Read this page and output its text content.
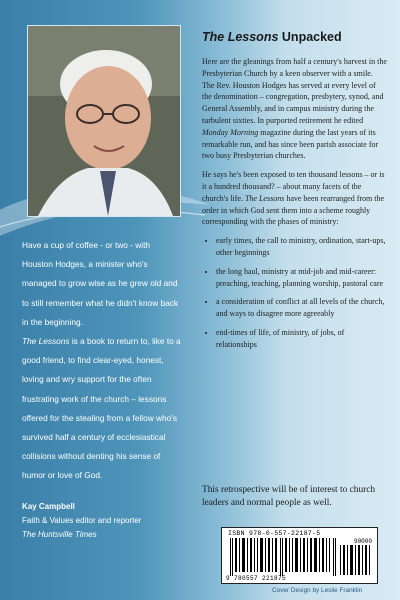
Have a cup of coffee - or two - with Houston Hodges, a minister who's managed to grow wise as he grew old and to still remember what he didn't know back in the beginning.

The Lessons is a book to return to, like to a good friend, to find clear-eyed, honest, loving and wry support for the often frustrating work of the church – lessons offered for the stealing from a fellow who's survived half a century of ecclesiastical collisions without denting his sense of humor or love of God.

Kay Campbell
Faith & Values editor and reporter
The Huntsville Times
The Lessons Unpacked

Here are the gleanings from half a century's harvest in the Presbyterian Church by a keen observer with a smile. The Rev. Houston Hodges has served at every level of the denomination – congregation, presbytery, synod, and General Assembly, and in campus ministry during the turbulent sixties. In purported retirement he edited Monday Morning magazine during the last years of its remarkable run, and has since been parish associate for two busy Presbyterian churches.

He says he's been exposed to ten thousand lessons – or is it a hundred thousand? – about many facets of the church's life. The Lessons have been rearranged from the order in which God sent them into a scheme roughly corresponding with the phases of ministry:

• early times, the call to ministry, ordination, start-ups, other beginnings
• the long haul, ministry at mid-job and mid-career: preaching, teaching, planning worship, pastoral care
• a consideration of conflict at all levels of the church, and ways to disagree more agreeably
• end-times of life, of ministry, of jobs, of relationships
This retrospective will be of interest to church leaders and normal people as well.
ISBN 978-0-557-22187-5
90000
9 780557 221875
Cover Design by Leslie Franklin
